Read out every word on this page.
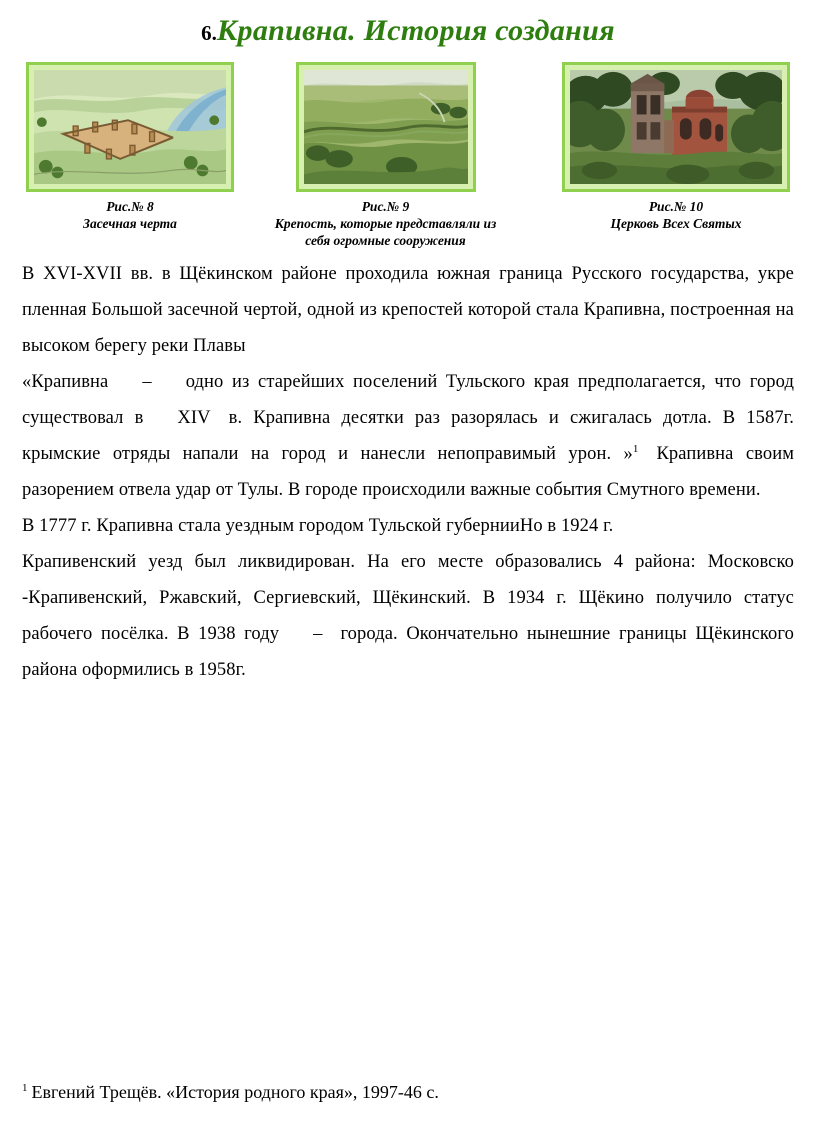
6.Крапивна. История создания
Рис.№ 8
Засечная черта
Рис.№ 9
Крепость, которые представляли из себя огромные сооружения
Рис.№ 10
Церковь Всех Святых

В XVI-XVII вв. в Щёкинском районе проходила южная граница Русского государства, укре пленная Большой засечной чертой, одной из крепостей которой стала Крапивна, построенная на высоком берегу реки Плавы

«Крапивна – одно из старейших поселений Тульского края предполагается, что город существовал в XIV в. Крапивна десятки раз разорялась и сжигалась дотла. В 1587г. крымские отряды напали на город и нанесли непоправимый урон. »$^1$ Крапивна своим разорением отвела удар от Тулы. В городе происходили важные события Смутного времени.

В 1777 г. Крапивна стала уездным городом Тульской губернииНо в 1924 г.

Крапивенский уезд был ликвидирован. На его месте образовались 4 района: Московско -Крапивенский, Ржавский, Сергиевский, Щёкинский. В 1934 г. Щёкино получило статус рабочего посёлка. В 1938 году – города. Окончательно нынешние границы Щёкинского района оформились в 1958г.

$^1$ Евгений Трещёв. «История родного края», 1997-46 с.
